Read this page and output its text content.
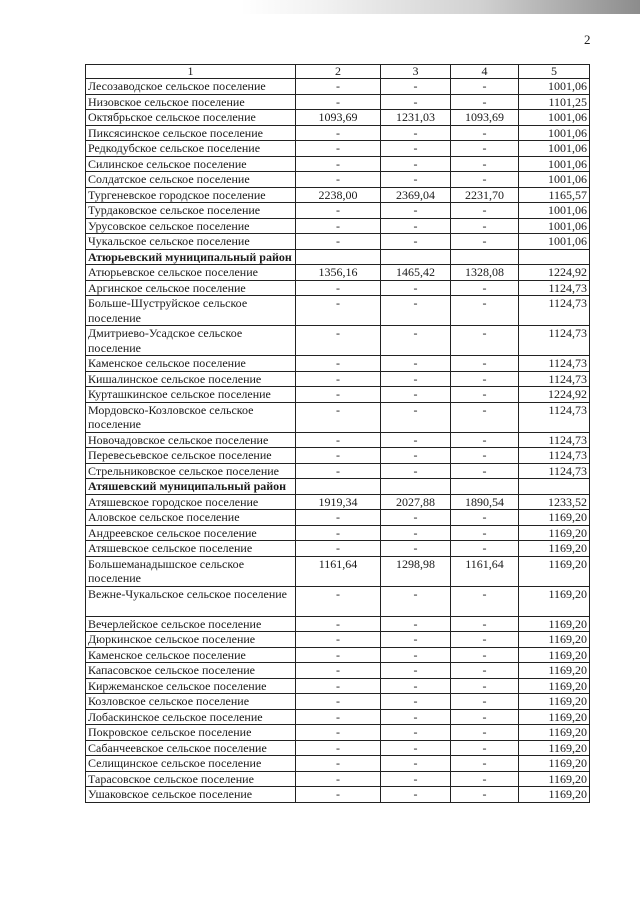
2
1	2	3	4	5
Лесозаводское сельское поселение	-	-	-	1001,06
Низовское сельское поселение	-	-	-	1101,25
Октябрьское сельское поселение	1093,69	1231,03	1093,69	1001,06
Пиксясинское сельское поселение	-	-	-	1001,06
Редкодубское сельское поселение	-	-	-	1001,06
Силинское сельское поселение	-	-	-	1001,06
Солдатское сельское поселение	-	-	-	1001,06
Тургеневское городское поселение	2238,00	2369,04	2231,70	1165,57
Турдаковское сельское поселение	-	-	-	1001,06
Урусовское сельское поселение	-	-	-	1001,06
Чукальское сельское поселение	-	-	-	1001,06
Атюрьевский муниципальный район				
Атюрьевское сельское поселение	1356,16	1465,42	1328,08	1224,92
Аргинское сельское поселение	-	-	-	1124,73
Больше-Шуструйское сельское поселение	-	-	-	1124,73
Дмитриево-Усадское сельское поселение	-	-	-	1124,73
Каменское сельское поселение	-	-	-	1124,73
Кишалинское сельское поселение	-	-	-	1124,73
Курташкинское сельское поселение	-	-	-	1224,92
Мордовско-Козловское сельское поселение	-	-	-	1124,73
Новочадовское сельское поселение	-	-	-	1124,73
Перевесьевское сельское поселение	-	-	-	1124,73
Стрельниковское сельское поселение	-	-	-	1124,73
Атяшевский муниципальный район				
Атяшевское городское поселение	1919,34	2027,88	1890,54	1233,52
Аловское сельское поселение	-	-	-	1169,20
Андреевское сельское поселение	-	-	-	1169,20
Атяшевское сельское поселение	-	-	-	1169,20
Большеманадышское сельское поселение	1161,64	1298,98	1161,64	1169,20
Вежне-Чукальское сельское поселение	-	-	-	1169,20
Вечерлейское сельское поселение	-	-	-	1169,20
Дюркинское сельское поселение	-	-	-	1169,20
Каменское сельское поселение	-	-	-	1169,20
Капасовское сельское поселение	-	-	-	1169,20
Киржеманское сельское поселение	-	-	-	1169,20
Козловское сельское поселение	-	-	-	1169,20
Лобаскинское сельское поселение	-	-	-	1169,20
Покровское сельское поселение	-	-	-	1169,20
Сабанчеевское сельское поселение	-	-	-	1169,20
Селищинское сельское поселение	-	-	-	1169,20
Тарасовское сельское поселение	-	-	-	1169,20
Ушаковское сельское поселение	-	-	-	1169,20
